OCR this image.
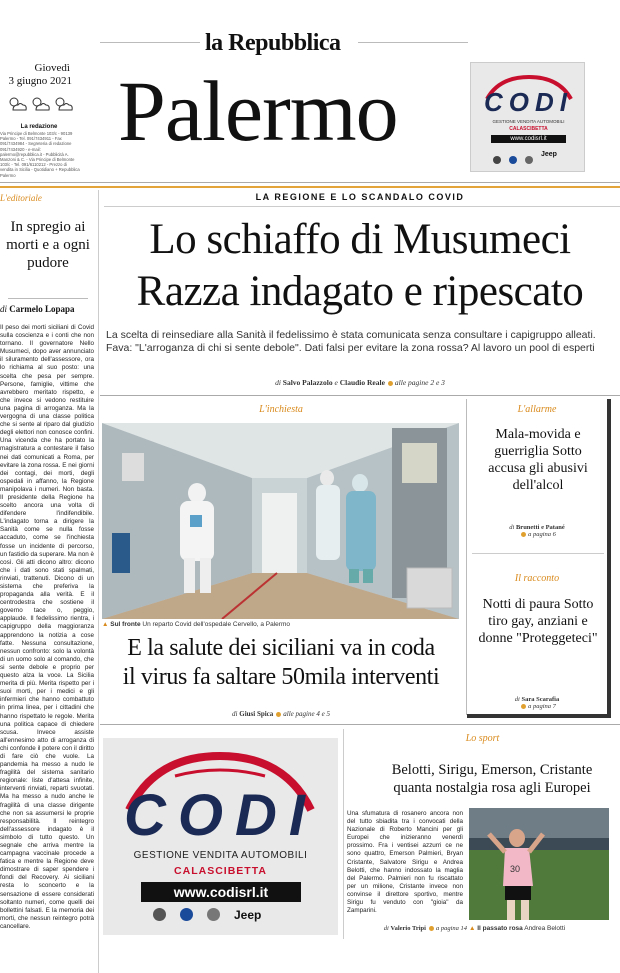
la Repubblica
Palermo
Giovedì
3 giugno 2021
La redazione
Via Principe di Belmonte 103/c - 90139 Palermo - Tel. 091/7434911 - Fax 091/7434984 - Segreteria di redazione 091/7434920 - e-mail: palermo@repubblica.it - Pubblicità A. Manzoni & C. - Via Principe di Belmonte 103/c - Tel. 091/6110212 - Prezzo di vendita in Sicilia - Quotidiano + Repubblica Palermo
CODI
GESTIONE VENDITA AUTOMOBILI
CALASCIBETTA
www.codisrl.it
$^{Jeep}$
L'editoriale
In spregio ai morti e a ogni pudore
di Carmelo Lopapa
Il peso dei morti siciliani di Covid sulla coscienza e i conti che non tornano. Il governatore Nello Musumeci, dopo aver annunciato il siluramento dell'assessore, ora lo richiama al suo posto: una scelta che pesa per sempre. Persone, famiglie, vittime che avrebbero meritato rispetto, e che invece si vedono restituire una pagina di arroganza. Ma la vergogna di una classe politica che si sente al riparo dal giudizio degli elettori non conosce confini. Una vicenda che ha portato la magistratura a contestare il falso nei dati comunicati a Roma, per evitare la zona rossa. E nei giorni dei contagi, dei morti, degli ospedali in affanno, la Regione manipolava i numeri. Non basta. Il presidente della Regione ha scelto ancora una volta di difendere l'indifendibile. L'indagato torna a dirigere la Sanità come se nulla fosse accaduto, come se l'inchiesta fosse un incidente di percorso, un fastidio da superare. Ma non è così. Gli atti dicono altro: dicono che i dati sono stati spalmati, rinviati, trattenuti. Dicono di un sistema che preferiva la propaganda alla verità. E il centrodestra che sostiene il governo tace o, peggio, applaude. Il fedelissimo rientra, i capigruppo della maggioranza apprendono la notizia a cose fatte. Nessuna consultazione, nessun confronto: solo la volontà di un uomo solo al comando, che si sente debole e proprio per questo alza la voce. La Sicilia merita di più. Merita rispetto per i suoi morti, per i medici e gli infermieri che hanno combattuto in prima linea, per i cittadini che hanno rispettato le regole. Merita una politica capace di chiedere scusa. Invece assiste all'ennesimo atto di arroganza di chi confonde il potere con il diritto di fare ciò che vuole. La pandemia ha messo a nudo le fragilità del sistema sanitario regionale: liste d'attesa infinite, interventi rinviati, reparti svuotati. Ma ha messo a nudo anche le fragilità di una classe dirigente che non sa assumersi le proprie responsabilità. Il reintegro dell'assessore indagato è il simbolo di tutto questo. Un segnale che arriva mentre la campagna vaccinale procede a fatica e mentre la Regione deve dimostrare di saper spendere i fondi del Recovery. Ai siciliani resta lo sconcerto e la sensazione di essere considerati soltanto numeri, come quelli dei bollettini falsati. E la memoria dei morti, che nessun reintegro potrà cancellare.
LA REGIONE E LO SCANDALO COVID
Lo schiaffo di Musumeci
Razza indagato e ripescato
La scelta di reinsediare alla Sanità il fedelissimo è stata comunicata senza consultare i capigruppo alleati. Fava: "L'arroganza di chi si sente debole". Dati falsi per evitare la zona rossa? Al lavoro un pool di esperti
di Salvo Palazzolo e Claudio Reale alle pagine 2 e 3
L'inchiesta
▲ Sul fronte Un reparto Covid dell'ospedale Cervello, a Palermo
E la salute dei siciliani va in coda
il virus fa saltare 50mila interventi
di Giusi Spica alle pagine 4 e 5
L'allarme
Mala-movida e guerriglia Sotto accusa gli abusivi dell'alcol
di Brunetti e Patané
a pagina 6
Il racconto
Notti di paura Sotto tiro gay, anziani e donne "Proteggeteci"
di Sara Scarafia
a pagina 7
CODI
GESTIONE VENDITA AUTOMOBILI
CALASCIBETTA
www.codisrl.it
$^{Jeep}$
Lo sport
Belotti, Sirigu, Emerson, Cristante quanta nostalgia rosa agli Europei
Una sfumatura di rosanero ancora non del tutto sbiadita tra i convocati della Nazionale di Roberto Mancini per gli Europei che inizieranno venerdì prossimo. Fra i ventisei azzurri ce ne sono quattro, Emerson Palmieri, Bryan Cristante, Salvatore Sirigu e Andrea Belotti, che hanno indossato la maglia del Palermo. Palmieri non fu riscattato per un milione, Cristante invece non convinse il direttore sportivo, mentre Sirigu fu venduto con "gioia" da Zamparini.
di Valerio Tripi a pagina 14
30
▲ Il passato rosa Andrea Belotti
